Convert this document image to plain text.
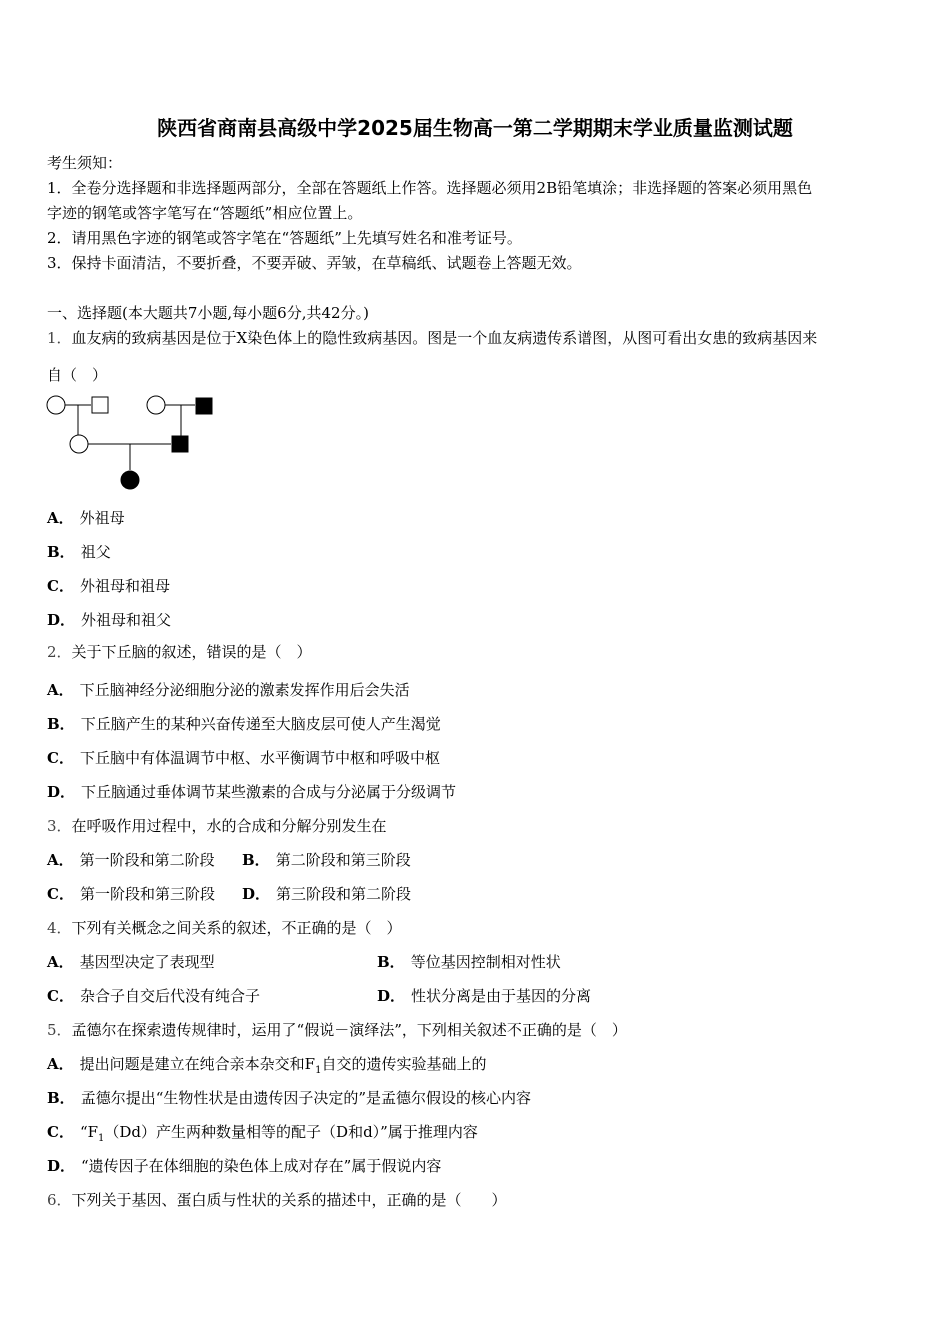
陕西省商南县高级中学2025届生物高一第二学期期末学业质量监测试题
考生须知：
1．全卷分选择题和非选择题两部分，全部在答题纸上作答。选择题必须用2B铅笔填涂；非选择题的答案必须用黑色
字迹的钢笔或答字笔写在“答题纸”相应位置上。
2．请用黑色字迹的钢笔或答字笔在“答题纸”上先填写姓名和准考证号。
3．保持卡面清洁，不要折叠，不要弄破、弄皱，在草稿纸、试题卷上答题无效。
一、选择题(本大题共7小题,每小题6分,共42分。)
1．血友病的致病基因是位于X染色体上的隐性致病基因。图是一个血友病遗传系谱图，从图可看出女患的致病基因来
自（　）
A． 外祖母
B． 祖父
C． 外祖母和祖母
D． 外祖母和祖父
2．关于下丘脑的叙述，错误的是（　）
A． 下丘脑神经分泌细胞分泌的激素发挥作用后会失活
B． 下丘脑产生的某种兴奋传递至大脑皮层可使人产生渴觉
C． 下丘脑中有体温调节中枢、水平衡调节中枢和呼吸中枢
D． 下丘脑通过垂体调节某些激素的合成与分泌属于分级调节
3．在呼吸作用过程中，水的合成和分解分别发生在
A． 第一阶段和第二阶段 B． 第二阶段和第三阶段
C． 第一阶段和第三阶段 D． 第三阶段和第二阶段
4．下列有关概念之间关系的叙述，不正确的是（　）
A． 基因型决定了表现型	B． 等位基因控制相对性状
C． 杂合子自交后代没有纯合子	D． 性状分离是由于基因的分离
5．孟德尔在探索遗传规律时，运用了“假说－演绎法”，下列相关叙述不正确的是（　）
A． 提出问题是建立在纯合亲本杂交和$F_1$自交的遗传实验基础上的
B． 孟德尔提出“生物性状是由遗传因子决定的”是孟德尔假设的核心内容
C． “$F_1(Dd)$产生两种数量相等的配子（D和d）”属于推理内容
D． “遗传因子在体细胞的染色体上成对存在”属于假说内容
6．下列关于基因、蛋白质与性状的关系的描述中，正确的是（　　）
